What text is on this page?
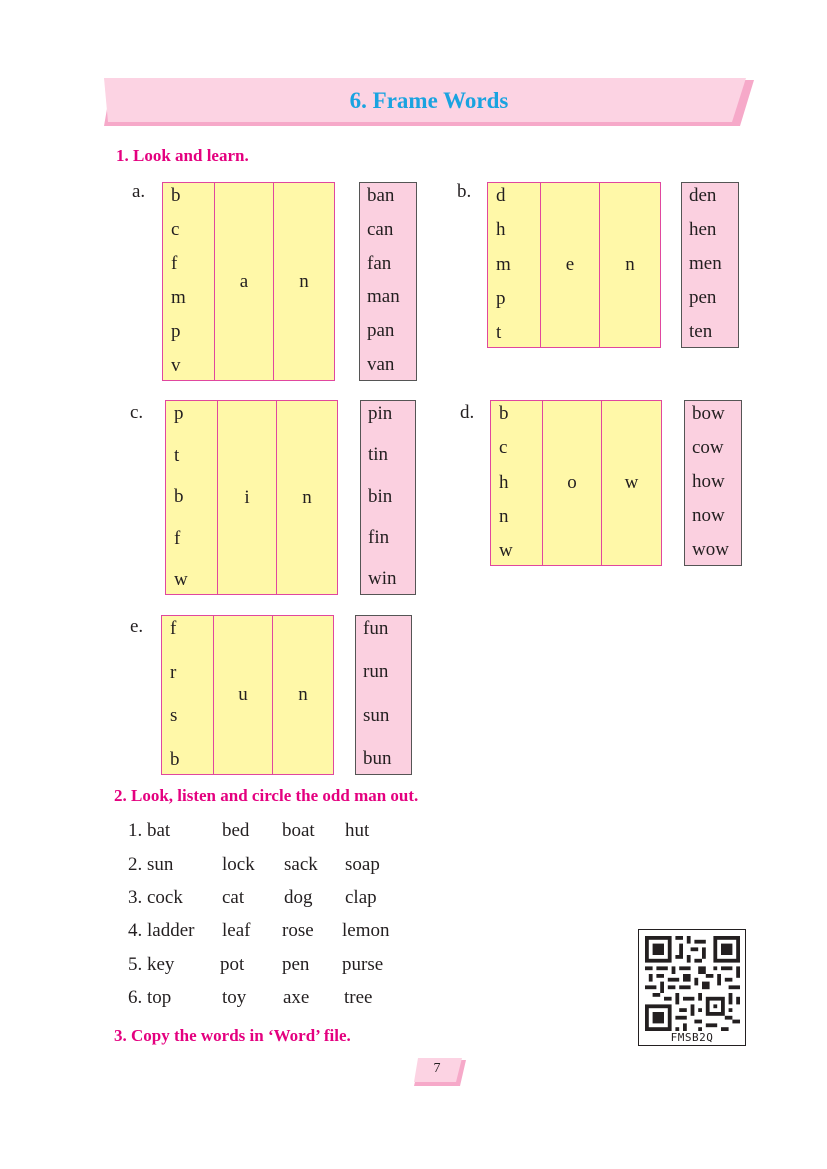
6. Frame Words
1. Look and learn.
a. b
c
f
m
p
v
a	n
ban
can
fan
man
pan
van
b. d
h
m
p
t
e	n
den
hen
men
pen
ten
c. p
t
b
f
w
i	n
pin
tin
bin
fin
win
d. b
c
h
n
w
o	w
bow
cow
how
now
wow
e. f
r
s
b
u	n
fun
run
sun
bun
2. Look, listen and circle the odd man out.
1. bat	bed boat hut
2. sun	lock sack soap
3. cock cat dog clap
4. ladder leaf rose lemon
5. key pot pen purse
6. top	toy axe tree
3. Copy the words in ‘Word’ file.	FMSB2Q
7
